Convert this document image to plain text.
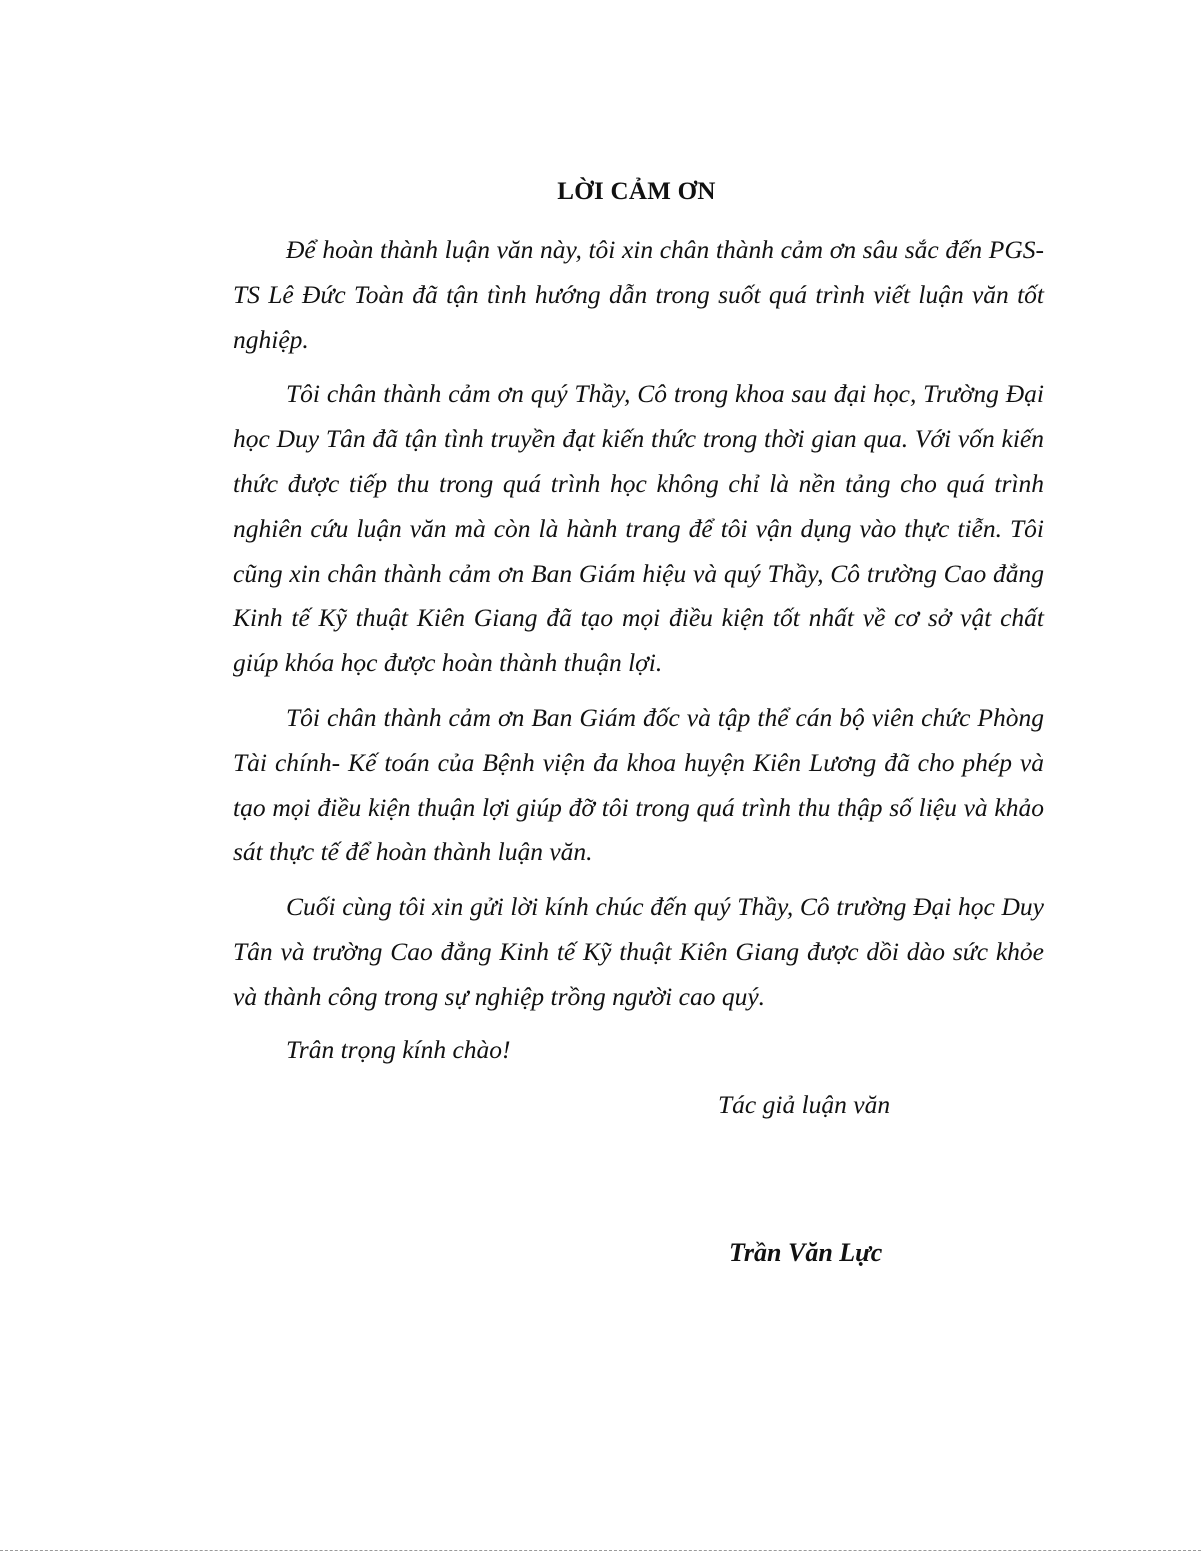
LỜI CẢM ƠN

Để hoàn thành luận văn này, tôi xin chân thành cảm ơn sâu sắc đến PGS- TS Lê Đức Toàn đã tận tình hướng dẫn trong suốt quá trình viết luận văn tốt nghiệp.

Tôi chân thành cảm ơn quý Thầy, Cô trong khoa sau đại học, Trường Đại học Duy Tân đã tận tình truyền đạt kiến thức trong thời gian qua. Với vốn kiến thức được tiếp thu trong quá trình học không chỉ là nền tảng cho quá trình nghiên cứu luận văn mà còn là hành trang để tôi vận dụng vào thực tiễn. Tôi cũng xin chân thành cảm ơn Ban Giám hiệu và quý Thầy, Cô trường Cao đẳng Kinh tế Kỹ thuật Kiên Giang đã tạo mọi điều kiện tốt nhất về cơ sở vật chất giúp khóa học được hoàn thành thuận lợi.

Tôi chân thành cảm ơn Ban Giám đốc và tập thể cán bộ viên chức Phòng Tài chính- Kế toán của Bệnh viện đa khoa huyện Kiên Lương đã cho phép và tạo mọi điều kiện thuận lợi giúp đỡ tôi trong quá trình thu thập số liệu và khảo sát thực tế để hoàn thành luận văn.

Cuối cùng tôi xin gửi lời kính chúc đến quý Thầy, Cô trường Đại học Duy Tân và trường Cao đẳng Kinh tế Kỹ thuật Kiên Giang được dồi dào sức khỏe và thành công trong sự nghiệp trồng người cao quý.

Trân trọng kính chào!
Tác giả luận văn
Trần Văn Lực
